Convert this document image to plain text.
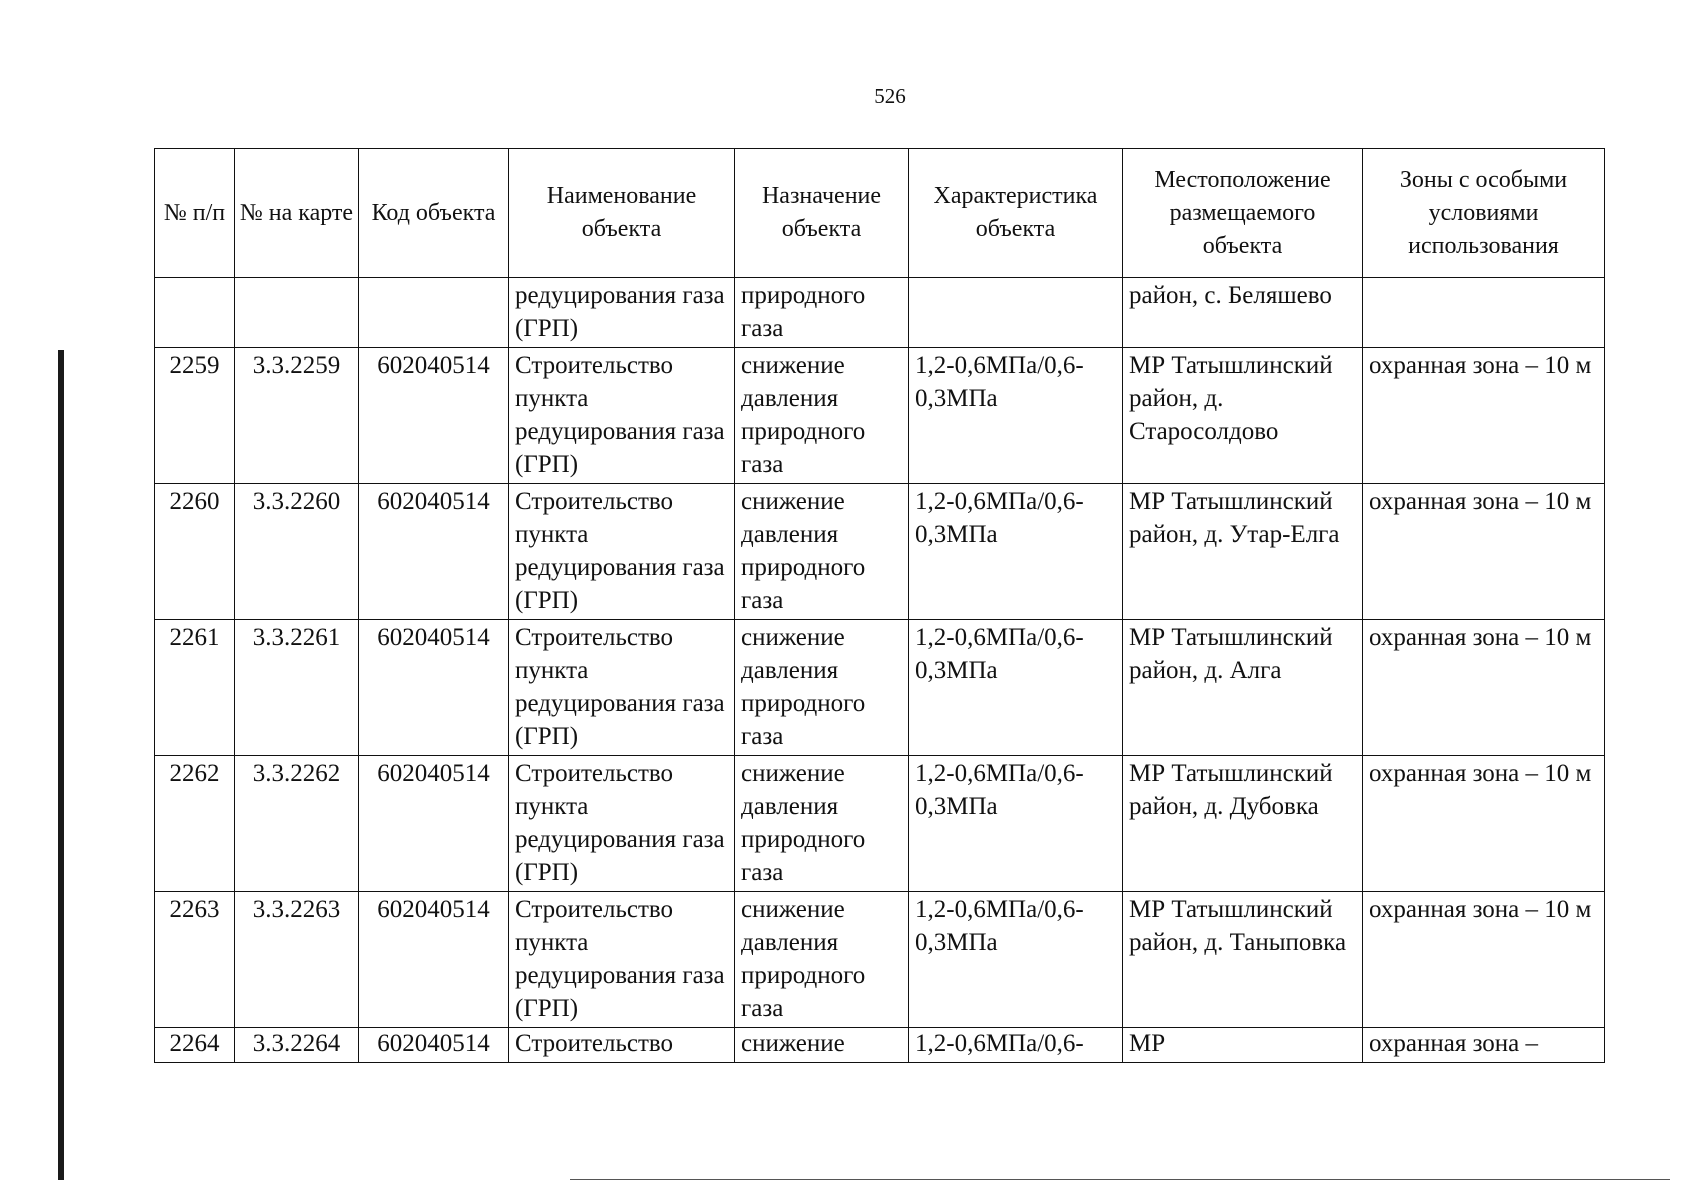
526
№ п/п	№ на карте	Код объекта	Наименование объекта	Назначение объекта	Характеристика объекта	Местоположение размещаемого объекта	Зоны с особыми условиями использования
			редуцирования газа (ГРП)	природного газа		район, с. Беляшево	
2259	3.3.2259	602040514	Строительство пункта редуцирования газа (ГРП)	снижение давления природного газа	1,2-0,6МПа/0,6-0,3МПа	МР Татышлинский район, д. Старосолдово	охранная зона – 10 м
2260	3.3.2260	602040514	Строительство пункта редуцирования газа (ГРП)	снижение давления природного газа	1,2-0,6МПа/0,6-0,3МПа	МР Татышлинский район, д. Утар-Елга	охранная зона – 10 м
2261	3.3.2261	602040514	Строительство пункта редуцирования газа (ГРП)	снижение давления природного газа	1,2-0,6МПа/0,6-0,3МПа	МР Татышлинский район, д. Алга	охранная зона – 10 м
2262	3.3.2262	602040514	Строительство пункта редуцирования газа (ГРП)	снижение давления природного газа	1,2-0,6МПа/0,6-0,3МПа	МР Татышлинский район, д. Дубовка	охранная зона – 10 м
2263	3.3.2263	602040514	Строительство пункта редуцирования газа (ГРП)	снижение давления природного газа	1,2-0,6МПа/0,6-0,3МПа	МР Татышлинский район, д. Таныповка	охранная зона – 10 м
2264	3.3.2264	602040514	Строительство	снижение	1,2-0,6МПа/0,6-	МР	охранная зона –
